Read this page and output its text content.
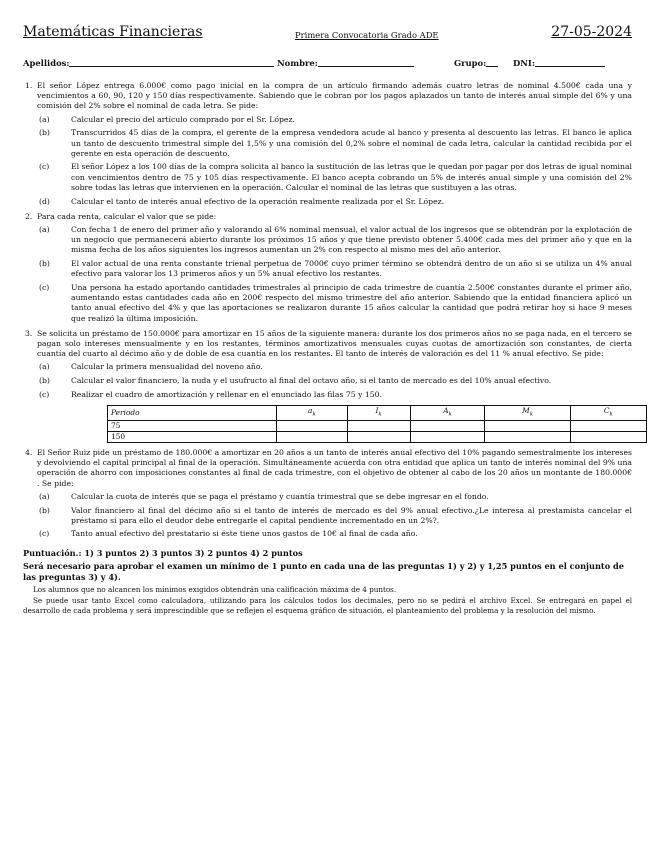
Matemáticas Financieras	Primera Convocatoria Grado ADE	27-05-2024
Apellidos:	Nombre:	Grupo:	DNI:
1. El señor López entrega 6.000€ como pago inicial en la compra de un artículo firmando además cuatro letras de nominal 4.500€ cada una y vencimientos a 60, 90, 120 y 150 días respectivamente. Sabiendo que le cobran por los pagos aplazados un tanto de interés anual simple del 6% y una comisión del 2% sobre el nominal de cada letra. Se pide:
(a)	Calcular el precio del artículo comprado por el Sr. López.
(b)	Transcurridos 45 días de la compra, el gerente de la empresa vendedora acude al banco y presenta al descuento las letras. El banco le aplica un tanto de descuento trimestral simple del 1,5% y una comisión del 0,2% sobre el nominal de cada letra, calcular la cantidad recibida por el gerente en esta operación de descuento.
(c)	El señor López a los 100 días de la compra solicita al banco la sustitución de las letras que le quedan por pagar por dos letras de igual nominal con vencimientos dentro de 75 y 105 días respectivamente. El banco acepta cobrando un 5% de interés anual simple y una comisión del 2% sobre todas las letras que intervienen en la operación. Calcular el nominal de las letras que sustituyen a las otras.
(d)	Calcular el tanto de interés anual efectivo de la operación realmente realizada por el Sr. López.
2. Para cada renta, calcular el valor que se pide:
(a)	Con fecha 1 de enero del primer año y valorando al 6% nominal mensual, el valor actual de los ingresos que se obtendrán por la explotación de un negocio que permanecerá abierto durante los próximos 15 años y que tiene previsto obtener 5.400€ cada mes del primer año y que en la misma fecha de los años siguientes los ingresos aumentan un 2% con respecto al mismo mes del año anterior.
(b)	El valor actual de una renta constante trienal perpetua de 7000€ cuyo primer término se obtendrá dentro de un año si se utiliza un 4% anual efectivo para valorar los 13 primeros años y un 5% anual efectivo los restantes.
(c)	Una persona ha estado aportando cantidades trimestrales al principio de cada trimestre de cuantía 2.500€ constantes durante el primer año, aumentando estas cantidades cada año en 200€ respecto del mismo trimestre del año anterior. Sabiendo que la entidad financiera aplicó un tanto anual efectivo del 4% y que las aportaciones se realizaron durante 15 años calcular la cantidad que podrá retirar hoy si hace 9 meses que realizó la última imposición.
3. Se solicita un préstamo de 150.000€ para amortizar en 15 años de la siguiente manera: durante los dos primeros años no se paga nada, en el tercero se pagan solo intereses mensualmente y en los restantes, términos amortizativos mensuales cuyas cuotas de amortización son constantes, de cierta cuantía del cuarto al décimo año y de doble de esa cuantía en los restantes. El tanto de interés de valoración es del 11 % anual efectivo. Se pide:
(a)	Calcular la primera mensualidad del noveno año.
(b)	Calcular el valor financiero, la nuda y el usufructo al final del octavo año, si el tanto de mercado es del 10% anual efectivo.
(c)	Realizar el cuadro de amortización y rellenar en el enunciado las filas 75 y 150.
Periodo	$a_k$	$I_k$	$A_k$	$M_k$	$C_k$
75					
150					
4. El Señor Ruiz pide un préstamo de 180.000€ a amortizar en 20 años a un tanto de interés anual efectivo del 10% pagando semestralmente los intereses y devolviendo el capital principal al final de la operación. Simultáneamente acuerda con otra entidad que aplica un tanto de interés nominal del 9% una operación de ahorro con imposiciones constantes al final de cada trimestre, con el objetivo de obtener al cabo de los 20 años un montante de 180.000€ . Se pide:
(a)	Calcular la cuota de interés que se paga el préstamo y cuantía trimestral que se debe ingresar en el fondo.
(b)	Valor financiero al final del décimo año si el tanto de interés de mercado es del 9% anual efectivo.¿Le interesa al prestamista cancelar el préstamo si para ello el deudor debe entregarle el capital pendiente incrementado en un 2%?.
(c)	Tanto anual efectivo del prestatario si éste tiene unos gastos de 10€ al final de cada año.
Puntuación.: 1) 3 puntos 2) 3 puntos 3) 2 puntos 4) 2 puntos
Será necesario para aprobar el examen un mínimo de 1 punto en cada una de las preguntas 1) y 2) y 1,25 puntos en el conjunto de las preguntas 3) y 4).
Los alumnos que no alcancen los mínimos exigidos obtendrán una calificación máxima de 4 puntos.
Se puede usar tanto Excel como calculadora, utilizando para los cálculos todos los decimales, pero no se pedirá el archivo Excel. Se entregará en papel el desarrollo de cada problema y será imprescindible que se reflejen el esquema gráfico de situación, el planteamiento del problema y la resolución del mismo.
